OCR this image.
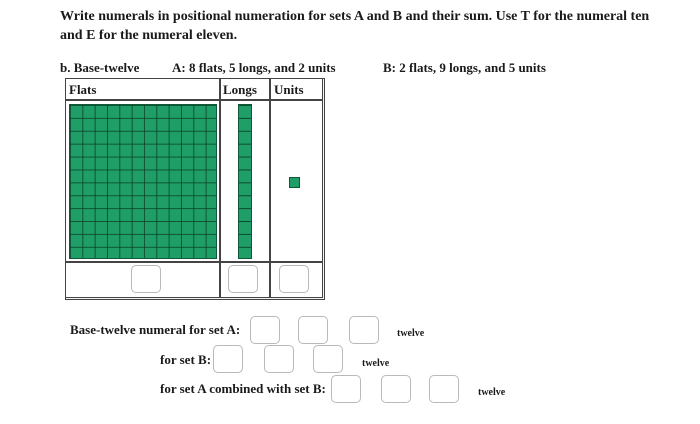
Write numerals in positional numeration for sets A and B and their sum. Use T for the numeral ten and E for the numeral eleven.
b. Base-twelve	A: 8 flats, 5 longs, and 2 units	B: 2 flats, 9 longs, and 5 units
Flats	Longs Units
Base-twelve numeral for set A:	twelve
for set B:	twelve
for set A combined with set B:	twelve
